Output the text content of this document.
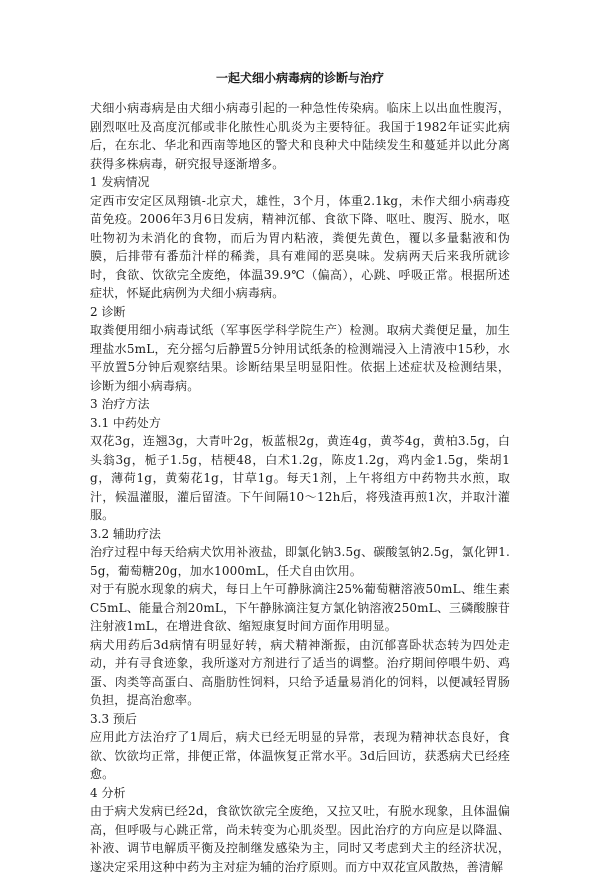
一起犬细小病毒病的诊断与治疗

犬细小病毒病是由犬细小病毒引起的一种急性传染病。临床上以出血性腹泻，剧烈呕吐及高度沉郁或非化脓性心肌炎为主要特征。我国于1982年证实此病后，在东北、华北和西南等地区的警犬和良种犬中陆续发生和蔓延并以此分离获得多株病毒，研究报导逐渐增多。

1 发病情况

定西市安定区凤翔镇-北京犬，雄性，3个月，体重2.1kg，未作犬细小病毒疫苗免疫。2006年3月6日发病，精神沉郁、食欲下降、呕吐、腹泻、脱水，呕吐物初为未消化的食物，而后为胃内粘液，粪便先黄色，覆以多量黏液和伪膜，后排带有番茄汁样的稀粪，具有难闻的恶臭味。发病两天后来我所就诊时，食欲、饮欲完全废绝，体温39.9℃（偏高），心跳、呼吸正常。根据所述症状，怀疑此病例为犬细小病毒病。

2 诊断

取粪便用细小病毒试纸（军事医学科学院生产）检测。取病犬粪便足量，加生理盐水5mL，充分摇匀后静置5分钟用试纸条的检测端浸入上清液中15秒，水平放置5分钟后观察结果。诊断结果呈明显阳性。依据上述症状及检测结果，诊断为细小病毒病。

3 治疗方法

3.1 中药处方

双花3g，连翘3g，大青叶2g，板蓝根2g，黄连4g，黄芩4g，黄柏3.5g，白头翁3g，栀子1.5g，桔梗48，白术1.2g，陈皮1.2g，鸡内金1.5g，柴胡1g，薄荷1g，黄菊花1g，甘草1g。每天1剂，上午将组方中药物共水煎，取汁，候温灌服，灌后留渣。下午间隔10～12h后，将残渣再煎1次，并取汁灌服。

3.2 辅助疗法

治疗过程中每天给病犬饮用补液盐，即氯化钠3.5g、碳酸氢钠2.5g，氯化钾1.5g，葡萄糖20g，加水1000mL，任犬自由饮用。

对于有脱水现象的病犬，每日上午可静脉滴注25%葡萄糖溶液50mL、维生素C5mL、能量合剂20mL，下午静脉滴注复方氯化钠溶液250mL、三磷酸腺苷注射液1mL，在增进食欲、缩短康复时间方面作用明显。

病犬用药后3d病情有明显好转，病犬精神渐振，由沉郁喜卧状态转为四处走动，并有寻食迹象，我所遂对方剂进行了适当的调整。治疗期间停喂牛奶、鸡蛋、肉类等高蛋白、高脂肪性饲料，只给予适量易消化的饲料，以便减轻胃肠负担，提高治愈率。

3.3 预后

应用此方法治疗了1周后，病犬已经无明显的异常，表现为精神状态良好，食欲、饮欲均正常，排便正常，体温恢复正常水平。3d后回访，获悉病犬已经痊愈。

4 分析

由于病犬发病已经2d，食欲饮欲完全废绝，又拉又吐，有脱水现象，且体温偏高，但呼吸与心跳正常，尚未转变为心肌炎型。因此治疗的方向应是以降温、补液、调节电解质平衡及控制继发感染为主，同时又考虑到犬主的经济状况，遂决定采用这种中药为主对症为辅的治疗原则。而方中双花宣风散热，善清解
